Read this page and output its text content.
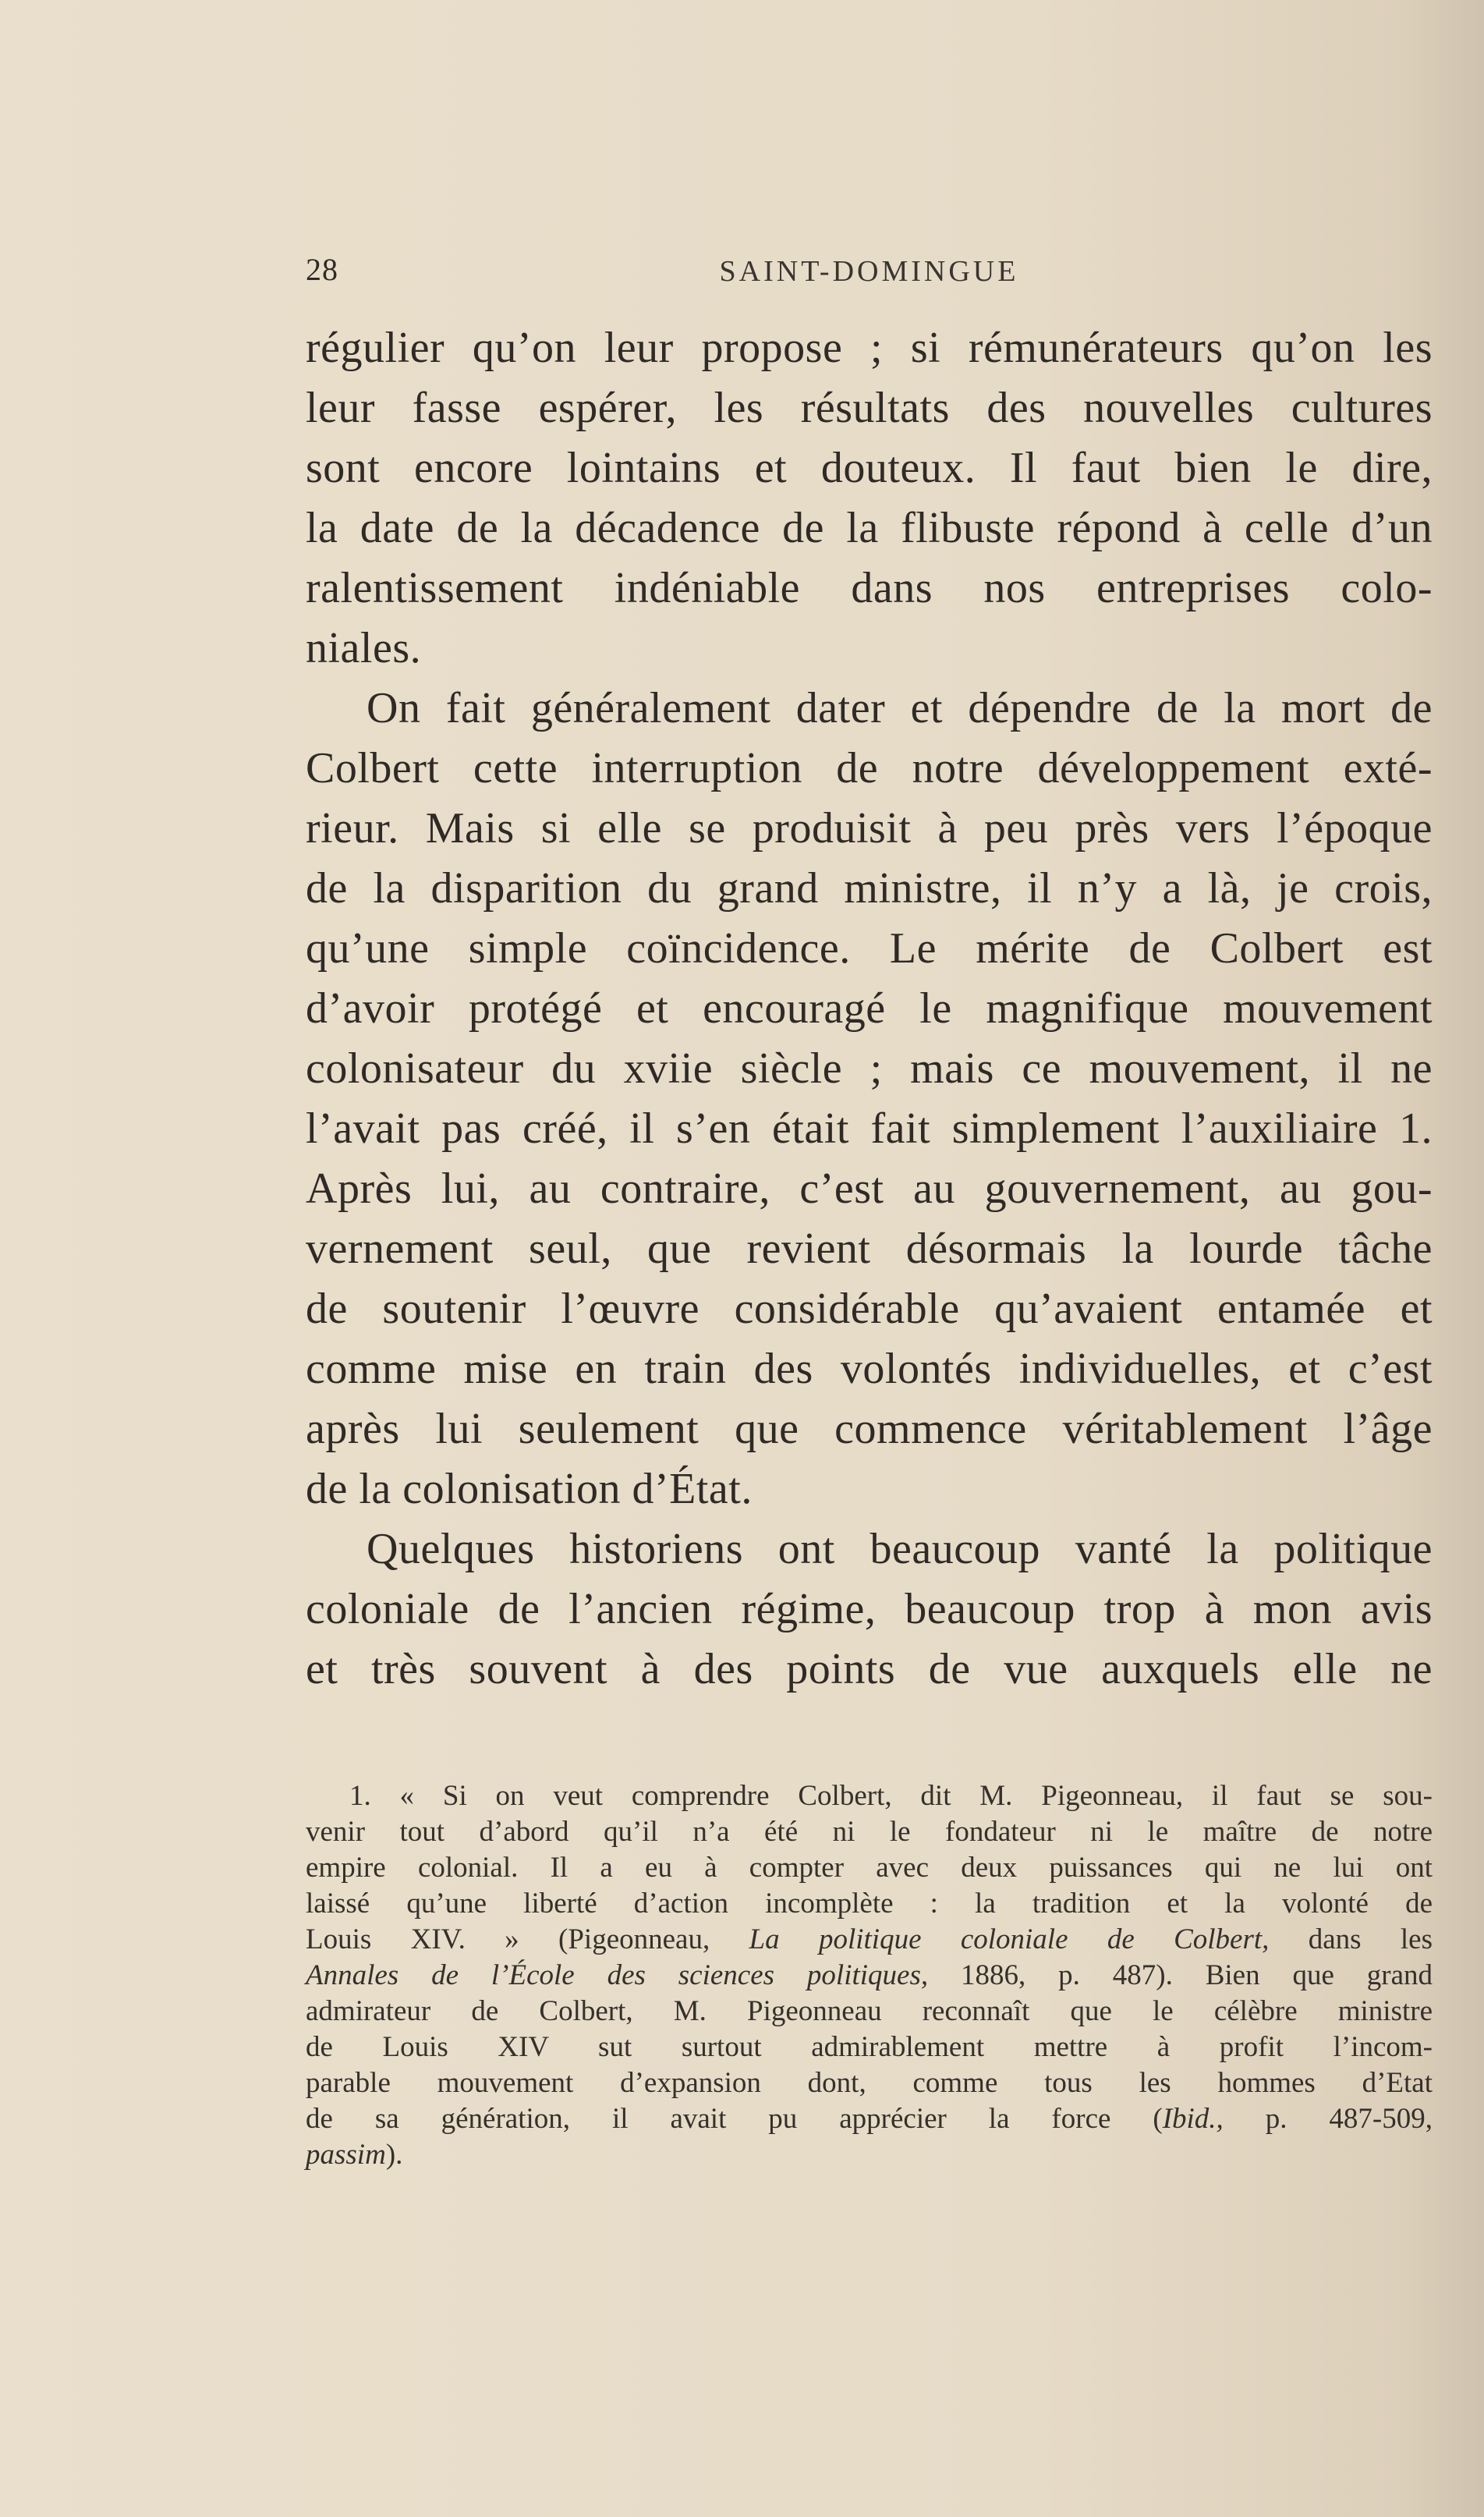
28	SAINT-DOMINGUE
régulier qu’on leur propose ; si rémunérateurs qu’on les
leur fasse espérer, les résultats des nouvelles cultures
sont encore lointains et douteux. Il faut bien le dire,
la date de la décadence de la flibuste répond à celle d’un
ralentissement indéniable dans nos entreprises colo-
niales.
On fait généralement dater et dépendre de la mort de
Colbert cette interruption de notre développement exté-
rieur. Mais si elle se produisit à peu près vers l’époque
de la disparition du grand ministre, il n’y a là, je crois,
qu’une simple coïncidence. Le mérite de Colbert est
d’avoir protégé et encouragé le magnifique mouvement
colonisateur du xviie siècle ; mais ce mouvement, il ne
l’avait pas créé, il s’en était fait simplement l’auxiliaire 1.
Après lui, au contraire, c’est au gouvernement, au gou-
vernement seul, que revient désormais la lourde tâche
de soutenir l’œuvre considérable qu’avaient entamée et
comme mise en train des volontés individuelles, et c’est
après lui seulement que commence véritablement l’âge
de la colonisation d’État.
Quelques historiens ont beaucoup vanté la politique
coloniale de l’ancien régime, beaucoup trop à mon avis
et très souvent à des points de vue auxquels elle ne
1. « Si on veut comprendre Colbert, dit M. Pigeonneau, il faut se sou-
venir tout d’abord qu’il n’a été ni le fondateur ni le maître de notre
empire colonial. Il a eu à compter avec deux puissances qui ne lui ont
laissé qu’une liberté d’action incomplète : la tradition et la volonté de
Louis XIV. » (Pigeonneau, La politique coloniale de Colbert, dans les
Annales de l’École des sciences politiques, 1886, p. 487). Bien que grand
admirateur de Colbert, M. Pigeonneau reconnaît que le célèbre ministre
de Louis XIV sut surtout admirablement mettre à profit l’incom-
parable mouvement d’expansion dont, comme tous les hommes d’Etat
de sa génération, il avait pu apprécier la force (Ibid., p. 487-509,
passim).
